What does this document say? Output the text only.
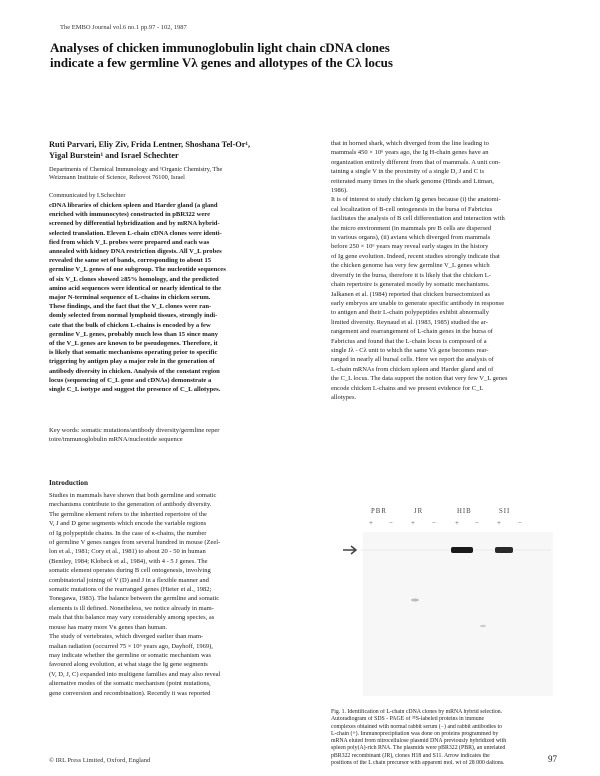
The EMBO Journal vol.6 no.1 pp.97 - 102, 1987
Analyses of chicken immunoglobulin light chain cDNA clones
indicate a few germline Vλ genes and allotypes of the Cλ locus
Ruti Parvari, Eliy Ziv, Frida Lentner, Shoshana Tel-Or¹,
Yigal Burstein¹ and Israel Schechter
Departments of Chemical Immunology and ¹Organic Chemistry, The
Weizmann Institute of Science, Rehovot 76100, Israel
Communicated by I.Schechter
cDNA libraries of chicken spleen and Harder gland (a gland
enriched with immunocytes) constructed in pBR322 were
screened by differential hybridization and by mRNA hybrid-
selected translation. Eleven L-chain cDNA clones were identi-
fied from which V_L probes were prepared and each was
annealed with kidney DNA restriction digests. All V_L probes
revealed the same set of bands, corresponding to about 15
germline V_L genes of one subgroup. The nucleotide sequences
of six V_L clones showed ≥85% homology, and the predicted
amino acid sequences were identical or nearly identical to the
major N-terminal sequence of L-chains in chicken serum.
These findings, and the fact that the V_L clones were ran-
domly selected from normal lymphoid tissues, strongly indi-
cate that the bulk of chicken L-chains is encoded by a few
germline V_L genes, probably much less than 15 since many
of the V_L genes are known to be pseudogenes. Therefore, it
is likely that somatic mechanisms operating prior to specific
triggering by antigen play a major role in the generation of
antibody diversity in chicken. Analysis of the constant region
locus (sequencing of C_L gene and cDNAs) demonstrate a
single C_L isotype and suggest the presence of C_L allotypes.
Key words: somatic mutations/antibody diversity/germline reper
toire/immunoglobulin mRNA/nucleotide sequence
Introduction
Studies in mammals have shown that both germline and somatic
mechanisms contribute to the generation of antibody diversity.
The germline element refers to the inherited repertoire of the
V, J and D gene segments which encode the variable regions
of Ig polypeptide chains. In the case of κ-chains, the number
of germline V genes ranges from several hundred in mouse (Zeel-
lon et al., 1981; Cory et al., 1981) to about 20 - 50 in human
(Bentley, 1984; Klobeck et al., 1984), with 4 - 5 J genes. The
somatic element operates during B cell ontogenesis, involving
combinatorial joining of V (D) and J in a flexible manner and
somatic mutations of the rearranged genes (Hieter et al., 1982;
Tonegawa, 1983). The balance between the germline and somatic
elements is ill defined. Nonetheless, we notice already in mam-
mals that this balance may vary considerably among species, as
mouse has many more Vκ genes than human.
The study of vertebrates, which diverged earlier than mam-
malian radiation (occurred 75 × 10⁶ years ago, Dayhoff, 1969),
may indicate whether the germline or somatic mechanism was
favoured along evolution, at what stage the Ig gene segments
(V, D, J, C) expanded into multigene families and may also reveal
alternative modes of the somatic mechanism (point mutations,
gene conversion and recombination). Recently it was reported
that in horned shark, which diverged from the line leading to
mammals 450 × 10⁶ years ago, the Ig H-chain genes have an
organization entirely different from that of mammals. A unit con-
taining a single V in the proximity of a single D, J and C is
reiterated many times in the shark genome (Hinds and Litman,
1986).
It is of interest to study chicken Ig genes because (i) the anatomi-
cal localization of B-cell ontogenesis in the bursa of Fabricius
facilitates the analysis of B cell differentiation and interaction with
the micro environment (in mammals pre B cells are dispersed
in various organs), (ii) avians which diverged from mammals
before 250 × 10⁶ years may reveal early stages in the history
of Ig gene evolution. Indeed, recent studies strongly indicate that
the chicken genome has very few germline V_L genes which
diversify in the bursa, therefore it is likely that the chicken L-
chain repertoire is generated mostly by somatic mechanisms.
Jalkanen et al. (1984) reported that chicken bursectomized as
early embryos are unable to generate specific antibody in response
to antigen and their L-chain polypeptides exhibit abnormally
limited diversity. Reynaud et al. (1983, 1985) studied the ar-
rangement and rearrangement of L-chain genes in the bursa of
Fabricius and found that the L-chain locus is composed of a
single Jλ - Cλ unit to which the same Vλ gene becomes rear-
ranged in nearly all bursal cells. Here we report the analysis of
L-chain mRNAs from chicken spleen and Harder gland and of
the C_L locus. The data support the notion that very few V_L genes
encode chicken L-chains and we present evidence for C_L
allotypes.
PBR	JR	HIB	SII
+ −	+ −	+ −	+ −
Fig. 1. Identification of L-chain cDNA clones by mRNA hybrid selection.
Autoradiogram of SDS - PAGE of ³⁵S-labeled proteins in immune
complexes obtained with normal rabbit serum (−) and rabbit antibodies to
L-chain (+). Immunoprecipitation was done on proteins programmed by
mRNA eluted from nitrocellulose plasmid DNA previously hybridized with
spleen poly(A)-rich RNA. The plasmids were pBR322 (PBR), an unrelated
pBR322 recombinant (JR), clones H18 and S11. Arrow indicates the
positions of the L chain precursor with apparent mol. wt of 28 000 daltons.
© IRL Press Limited, Oxford, England	97
